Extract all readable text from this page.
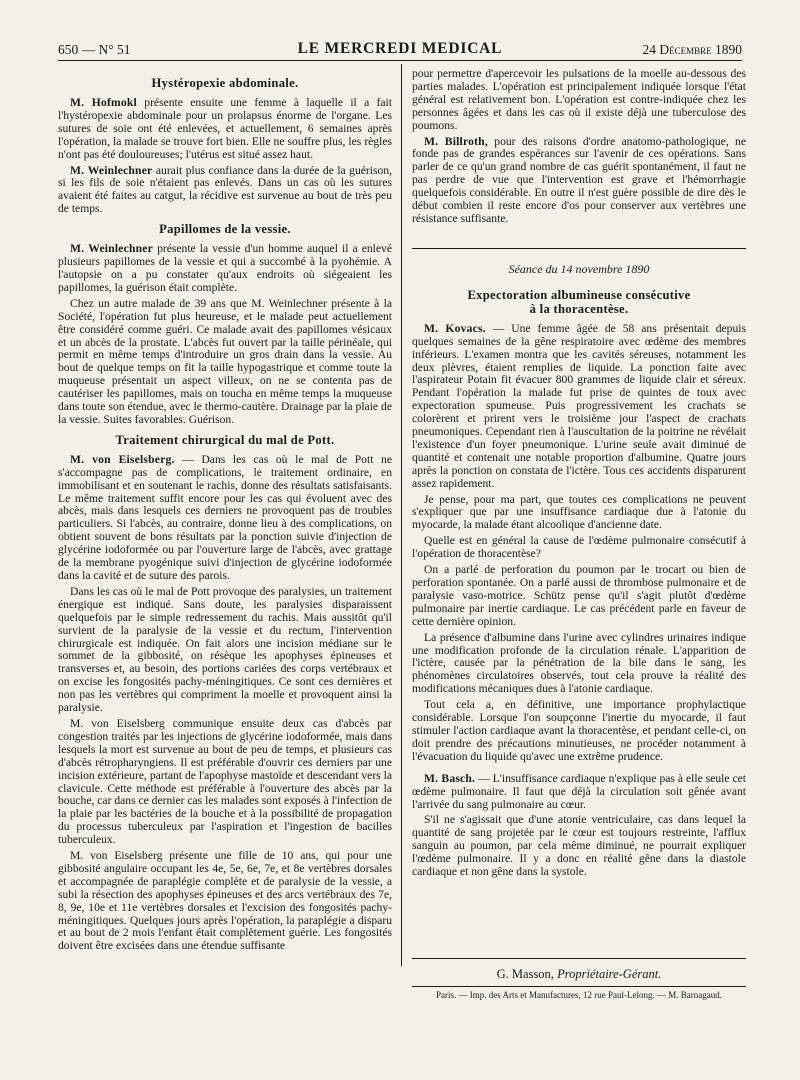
650 — N° 51	LE MERCREDI MEDICAL	24 Décembre 1890
Hystéropexie abdominale.

M. Hofmokl présente ensuite une femme à laquelle il a fait l'hystéropexie abdominale pour un prolapsus énorme de l'organe. Les sutures de soie ont été enlevées, et actuellement, 6 semaines après l'opération, la malade se trouve fort bien. Elle ne souffre plus, les règles n'ont pas été douloureuses; l'utérus est situé assez haut.

M. Weinlechner aurait plus confiance dans la durée de la guérison, si les fils de soie n'étaient pas enlevés. Dans un cas où les sutures avaient été faites au catgut, la récidive est survenue au bout de très peu de temps.

Papillomes de la vessie.

M. Weinlechner présente la vessie d'un homme auquel il a enlevé plusieurs papillomes de la vessie et qui a succombé à la pyohémie. A l'autopsie on a pu constater qu'aux endroits où siégeaient les papillomes, la guérison était complète.

Chez un autre malade de 39 ans que M. Weinlechner présente à la Société, l'opération fut plus heureuse, et le malade peut actuellement être considéré comme guéri. Ce malade avait des papillomes vésicaux et un abcès de la prostate. L'abcès fut ouvert par la taille périnéale, qui permit en même temps d'introduire un gros drain dans la vessie. Au bout de quelque temps on fit la taille hypogastrique et comme toute la muqueuse présentait un aspect villeux, on ne se contenta pas de cautériser les papillomes, mais on toucha en même temps la muqueuse dans toute son étendue, avec le thermo-cautère. Drainage par la plaie de la vessie. Suites favorables. Guérison.

Traitement chirurgical du mal de Pott.

M. von Eiselsberg. — Dans les cas où le mal de Pott ne s'accompagne pas de complications, le traitement ordinaire, en immobilisant et en soutenant le rachis, donne des résultats satisfaisants. Le même traitement suffit encore pour les cas qui évoluent avec des abcès, mais dans lesquels ces derniers ne provoquent pas de troubles particuliers. Si l'abcès, au contraire, donne lieu à des complications, on obtient souvent de bons résultats par la ponction suivie d'injection de glycérine iodoformée ou par l'ouverture large de l'abcès, avec grattage de la membrane pyogénique suivi d'injection de glycérine iodoformée dans la cavité et de suture des parois.

Dans les cas où le mal de Pott provoque des paralysies, un traitement énergique est indiqué. Sans doute, les paralysies disparaissent quelquefois par le simple redressement du rachis. Mais aussitôt qu'il survient de la paralysie de la vessie et du rectum, l'intervention chirurgicale est indiquée. On fait alors une incision médiane sur le sommet de la gibbosité, on résèque les apophyses épineuses et transverses et, au besoin, des portions cariées des corps vertébraux et on excise les fongosités pachy-méningitiques. Ce sont ces dernières et non pas les vertèbres qui compriment la moelle et provoquent ainsi la paralysie.

M. von Eiselsberg communique ensuite deux cas d'abcès par congestion traités par les injections de glycérine iodoformée, mais dans lesquels la mort est survenue au bout de peu de temps, et plusieurs cas d'abcès rétropharyngiens. Il est préférable d'ouvrir ces derniers par une incision extérieure, partant de l'apophyse mastoïde et descendant vers la clavicule. Cette méthode est préférable à l'ouverture des abcès par la bouche, car dans ce dernier cas les malades sont exposés à l'infection de la plaie par les bactéries de la bouche et à la possibilité de propagation du processus tuberculeux par l'aspiration et l'ingestion de bacilles tuberculeux.

M. von Eiselsberg présente une fille de 10 ans, qui pour une gibbosité angulaire occupant les 4e, 5e, 6e, 7e, et 8e vertèbres dorsales et accompagnée de paraplégie complète et de paralysie de la vessie, a subi la résection des apophyses épineuses et des arcs vertébraux des 7e, 8, 9e, 10e et 11e vertèbres dorsales et l'excision des fongosités pachy-méningitiques. Quelques jours après l'opération, la paraplégie a disparu et au bout de 2 mois l'enfant était complètement guérie. Les fongosités doivent être excisées dans une étendue suffisante

pour permettre d'apercevoir les pulsations de la moelle au-dessous des parties malades. L'opération est principalement indiquée lorsque l'état général est relativement bon. L'opération est contre-indiquée chez les personnes âgées et dans les cas où il existe déjà une tuberculose des poumons.

M. Billroth, pour des raisons d'ordre anatomo-pathologique, ne fonde pas de grandes espérances sur l'avenir de ces opérations. Sans parler de ce qu'un grand nombre de cas guérit spontanément, il faut ne pas perdre de vue que l'intervention est grave et l'hémorrhagie quelquefois considérable. En outre il n'est guère possible de dire dès le début combien il reste encore d'os pour conserver aux vertèbres une résistance suffisante.

Séance du 14 novembre 1890
Expectoration albumineuse consécutive
à la thoracentèse.

M. Kovacs. — Une femme âgée de 58 ans présentait depuis quelques semaines de la gêne respiratoire avec œdème des membres inférieurs. L'examen montra que les cavités séreuses, notamment les deux plèvres, étaient remplies de liquide. La ponction faite avec l'aspirateur Potain fit évacuer 800 grammes de liquide clair et séreux. Pendant l'opération la malade fut prise de quintes de toux avec expectoration spumeuse. Puis progressivement les crachats se colorèrent et prirent vers le troisième jour l'aspect de crachats pneumoniques. Cependant rien à l'auscultation de la poitrine ne révélait l'existence d'un foyer pneumonique. L'urine seule avait diminué de quantité et contenait une notable proportion d'albumine. Quatre jours après la ponction on constata de l'ictère. Tous ces accidents disparurent assez rapidement.

Je pense, pour ma part, que toutes ces complications ne peuvent s'expliquer que par une insuffisance cardiaque due à l'atonie du myocarde, la malade étant alcoolique d'ancienne date.

Quelle est en général la cause de l'œdème pulmonaire consécutif à l'opération de thoracentèse?

On a parlé de perforation du poumon par le trocart ou bien de perforation spontanée. On a parlé aussi de thrombose pulmonaire et de paralysie vaso-motrice. Schütz pense qu'il s'agit plutôt d'œdème pulmonaire par inertie cardiaque. Le cas précédent parle en faveur de cette dernière opinion.

La présence d'albumine dans l'urine avec cylindres urinaires indique une modification profonde de la circulation rénale. L'apparition de l'ictère, causée par la pénétration de la bile dans le sang, les phénomènes circulatoires observés, tout cela prouve la réalité des modifications mécaniques dues à l'atonie cardiaque.

Tout cela a, en définitive, une importance prophylactique considérable. Lorsque l'on soupçonne l'inertie du myocarde, il faut stimuler l'action cardiaque avant la thoracentèse, et pendant celle-ci, on doit prendre des précautions minutieuses, ne procéder notamment à l'évacuation du liquide qu'avec une extrême prudence.

M. Basch. — L'insuffisance cardiaque n'explique pas à elle seule cet œdème pulmonaire. Il faut que déjà la circulation soit gênée avant l'arrivée du sang pulmonaire au cœur.

S'il ne s'agissait que d'une atonie ventriculaire, cas dans lequel la quantité de sang projetée par le cœur est toujours restreinte, l'afflux sanguin au poumon, par cela même diminué, ne pourrait expliquer l'œdème pulmonaire. Il y a donc en réalité gêne dans la diastole cardiaque et non gêne dans la systole.

G. Masson, Propriétaire-Gérant.
Paris. — Imp. des Arts et Manufactures, 12 rue Paul-Lelong. — M. Barnagaud.
